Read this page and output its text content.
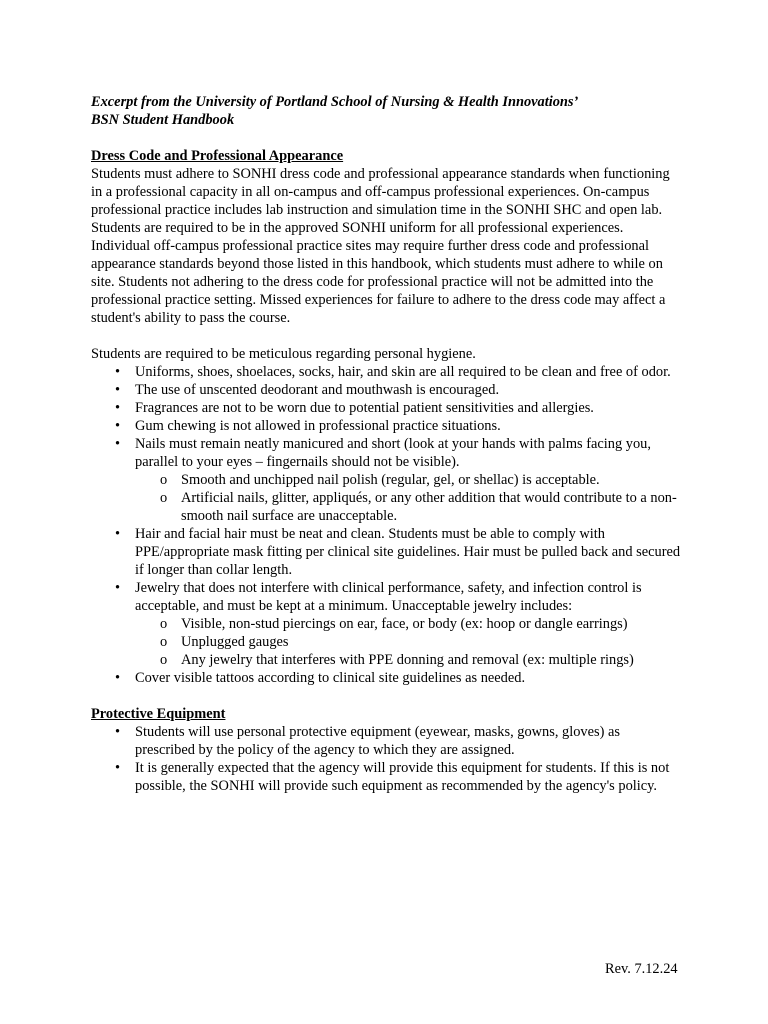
Excerpt from the University of Portland School of Nursing & Health Innovations’
BSN Student Handbook
Dress Code and Professional Appearance

Students must adhere to SONHI dress code and professional appearance standards when functioning in a professional capacity in all on-campus and off-campus professional experiences. On-campus professional practice includes lab instruction and simulation time in the SONHI SHC and open lab. Students are required to be in the approved SONHI uniform for all professional experiences. Individual off-campus professional practice sites may require further dress code and professional appearance standards beyond those listed in this handbook, which students must adhere to while on site. Students not adhering to the dress code for professional practice will not be admitted into the professional practice setting. Missed experiences for failure to adhere to the dress code may affect a student's ability to pass the course.

Students are required to be meticulous regarding personal hygiene.

• Uniforms, shoes, shoelaces, socks, hair, and skin are all required to be clean and free of odor.
• The use of unscented deodorant and mouthwash is encouraged.
• Fragrances are not to be worn due to potential patient sensitivities and allergies.
• Gum chewing is not allowed in professional practice situations.
• Nails must remain neatly manicured and short (look at your hands with palms facing you, parallel to your eyes – fingernails should not be visible).
o Smooth and unchipped nail polish (regular, gel, or shellac) is acceptable.
o Artificial nails, glitter, appliqués, or any other addition that would contribute to a non-smooth nail surface are unacceptable.
• Hair and facial hair must be neat and clean. Students must be able to comply with PPE/appropriate mask fitting per clinical site guidelines. Hair must be pulled back and secured if longer than collar length.
• Jewelry that does not interfere with clinical performance, safety, and infection control is acceptable, and must be kept at a minimum. Unacceptable jewelry includes:
o Visible, non-stud piercings on ear, face, or body (ex: hoop or dangle earrings)
o Unplugged gauges
o Any jewelry that interferes with PPE donning and removal (ex: multiple rings)
• Cover visible tattoos according to clinical site guidelines as needed.
Protective Equipment
• Students will use personal protective equipment (eyewear, masks, gowns, gloves) as prescribed by the policy of the agency to which they are assigned.
• It is generally expected that the agency will provide this equipment for students. If this is not possible, the SONHI will provide such equipment as recommended by the agency's policy.
Rev. 7.12.24
